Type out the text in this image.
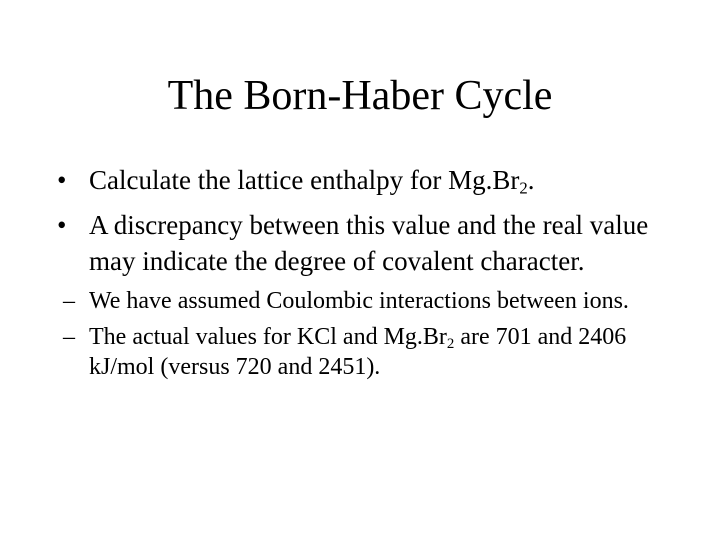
The Born-Haber Cycle
• Calculate the lattice enthalpy for $Mg.Br_2$.
• A discrepancy between this value and the real value may indicate the degree of covalent character.
– We have assumed Coulombic interactions between ions.
– The actual values for KCl and $Mg.Br_2$ are 701 and 2406 kJ/mol (versus 720 and 2451).
